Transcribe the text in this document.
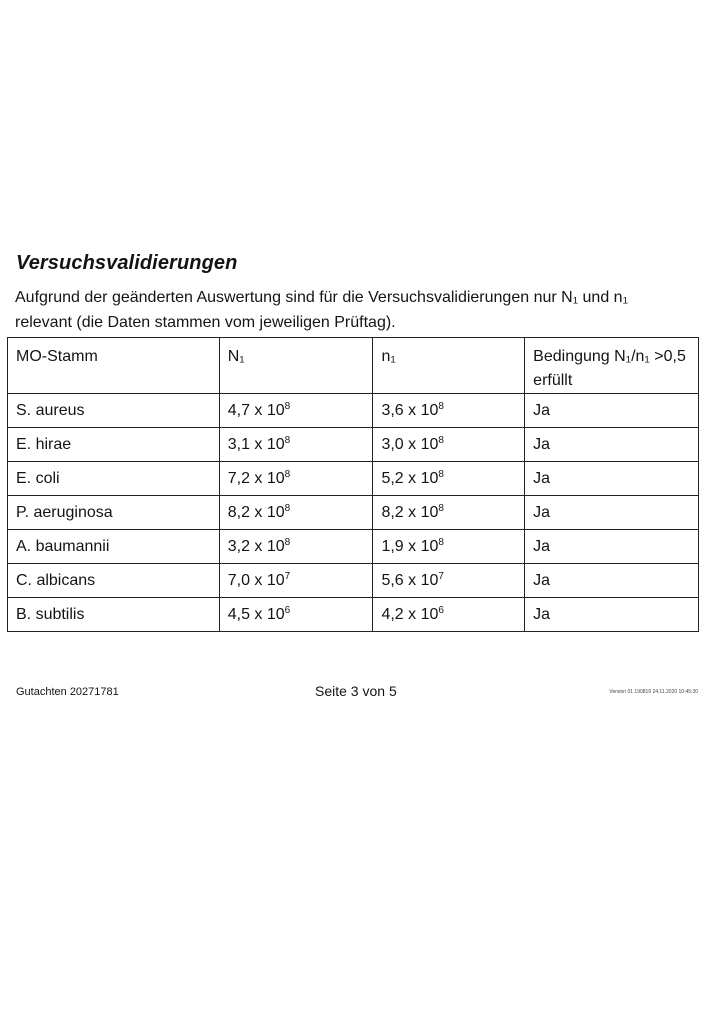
Versuchsvalidierungen
Aufgrund der geänderten Auswertung sind für die Versuchsvalidierungen nur N₁ und n₁
relevant (die Daten stammen vom jeweiligen Prüftag).
MO-Stamm	N₁	n₁	Bedingung N₁/n₁ >0,5 erfüllt
S. aureus	4,7 x $10^8$	3,6 x $10^8$	Ja
E. hirae	3,1 x $10^8$	3,0 x $10^8$	Ja
E. coli	7,2 x $10^8$	5,2 x $10^8$	Ja
P. aeruginosa	8,2 x $10^8$	8,2 x $10^8$	Ja
A. baumannii	3,2 x $10^8$	1,9 x $10^8$	Ja
C. albicans	7,0 x $10^7$	5,6 x $10^7$	Ja
B. subtilis	4,5 x $10^6$	4,2 x $10^6$	Ja
Gutachten 20271781	Seite 3 von 5	Version 01 190819 24.11.2020 10:45:30
